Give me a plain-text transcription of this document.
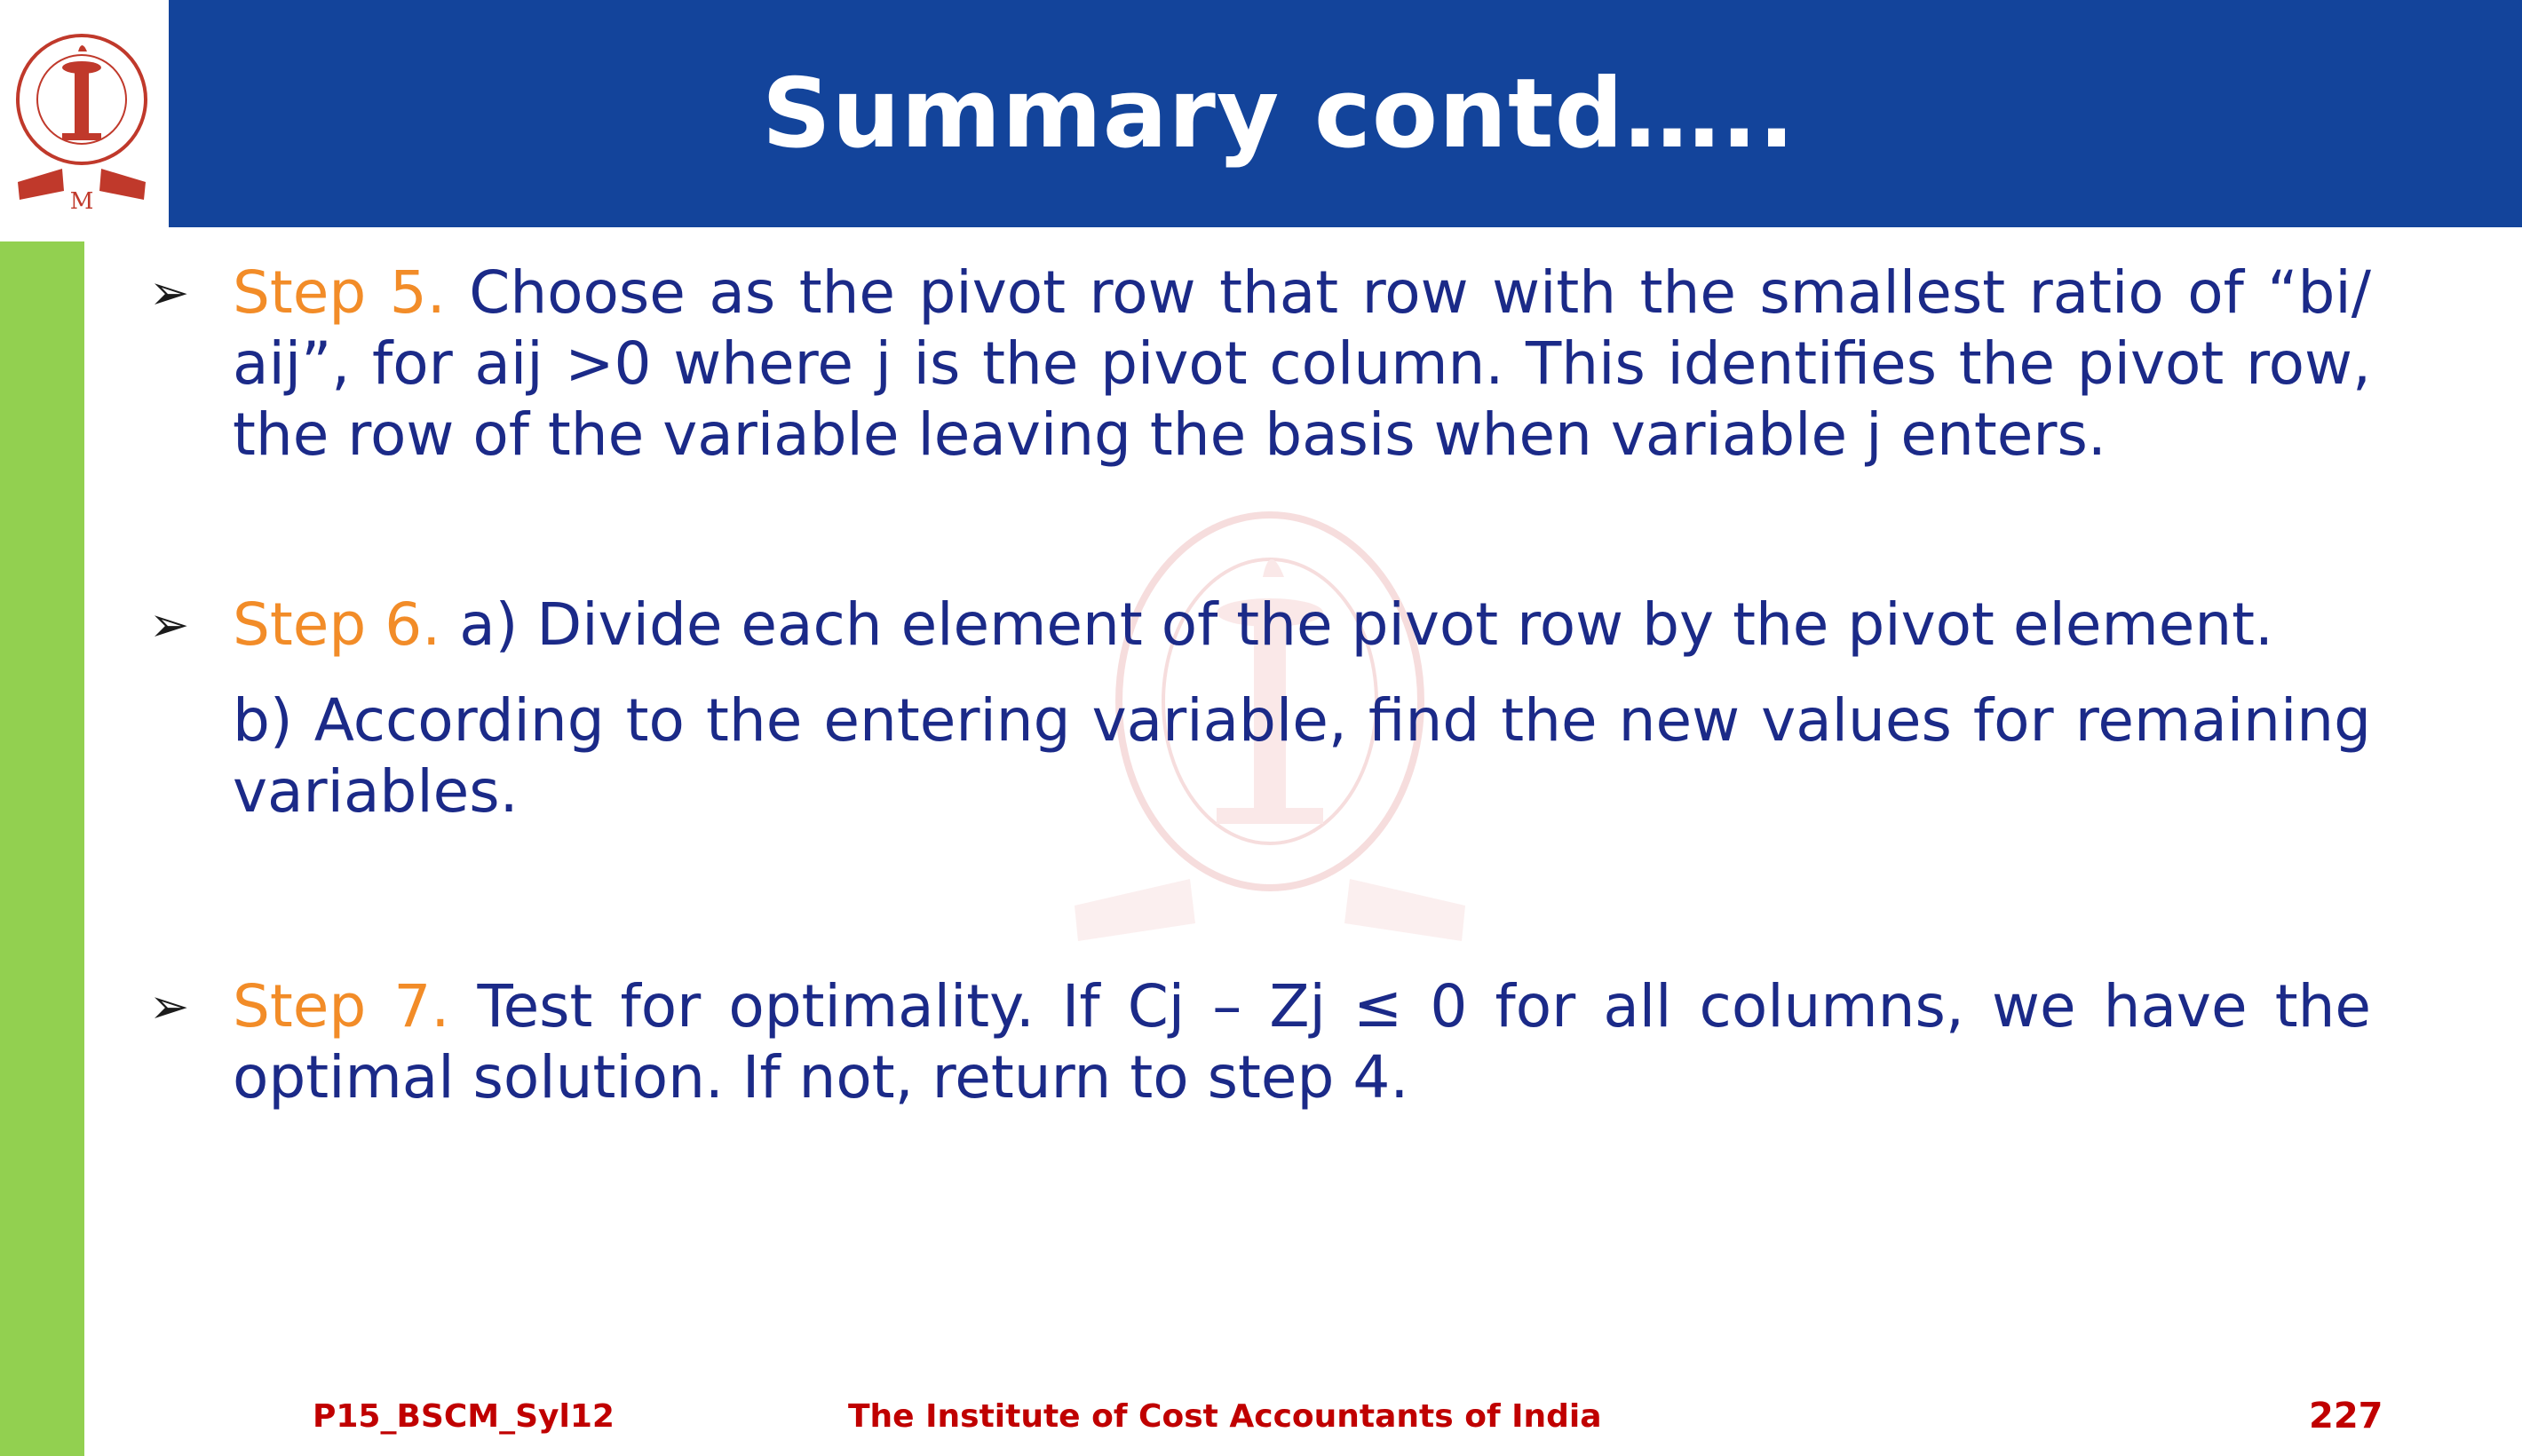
M
Summary contd…..
➢ Step 5. Choose as the pivot row that row with the smallest ratio of “bi/ aij”, for aij >0 where j is the pivot column. This identifies the pivot row, the row of the variable leaving the basis when variable j enters.
➢ Step 6. a) Divide each element of the pivot row by the pivot element.
b) According to the entering variable, find the new values for remaining variables.
➢ Step 7. Test for optimality. If Cj – Zj ≤ 0 for all columns, we have the optimal solution. If not, return to step 4.
P15_BSCM_Syl12	The Institute of Cost Accountants of India	227
